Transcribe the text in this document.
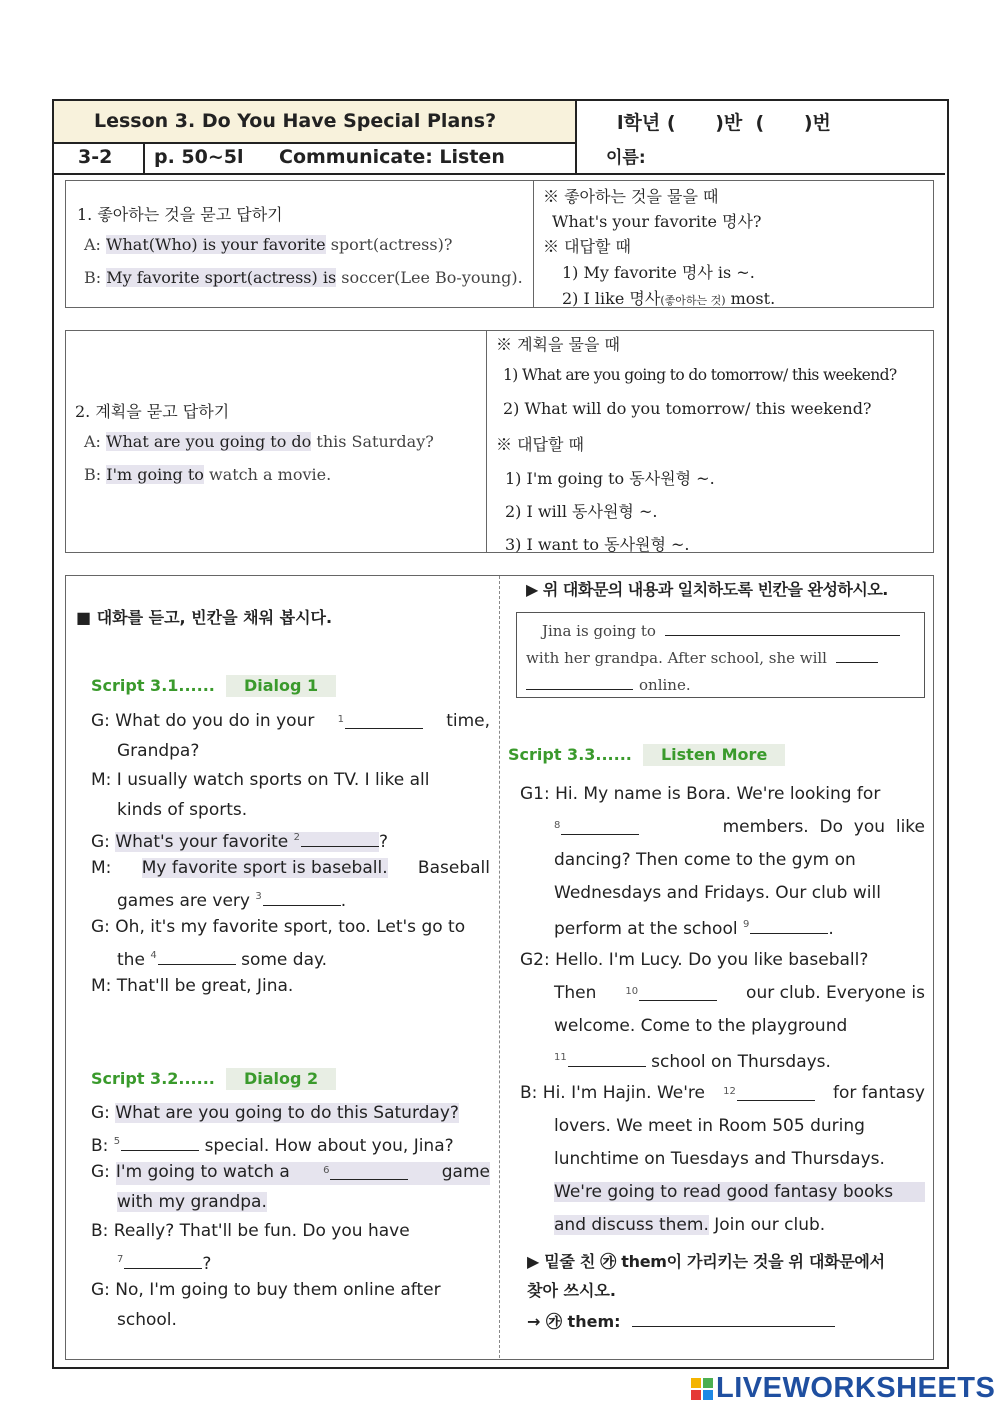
Lesson 3. Do You Have Special Plans?	l학년 (      )반  (      )번
3-2 p. 50~5l Communicate: Listen	이름:
1. 좋아하는 것을 묻고 답하기
A: What(Who) is your favorite sport(actress)?
B: My favorite sport(actress) is soccer(Lee Bo-young).
※ 좋아하는 것을 물을 때
What's your favorite 명사?
※ 대답할 때
1) My favorite 명사 is ~.
2) I like 명사(좋아하는 것) most.
2. 계획을 묻고 답하기
A: What are you going to do this Saturday?
B: I'm going to watch a movie.
※ 계획을 물을 때
1) What are you going to do tomorrow/ this weekend?
2) What will do you tomorrow/ this weekend?
※ 대답할 때
1) I'm going to 동사원형 ~.
2) I will 동사원형 ~.
3) I want to 동사원형 ~.
■ 대화를 듣고, 빈칸을 채워 봅시다.
Script 3.1...... Dialog 1
G: What do you do in your $^1$	time,
Grandpa?
M: I usually watch sports on TV. I like all
kinds of sports.
G: What's your favorite $^2$	?
M: My favorite sport is baseball. Baseball
games are very $^3$	.
G: Oh, it's my favorite sport, too. Let's go to
the $^4$	some day.
M: That'll be great, Jina.
Script 3.2...... Dialog 2
G: What are you going to do this Saturday?
B: $^5$	special. How about you, Jina?
G: I'm going to watch a	$^6$	game
with my grandpa.
B: Really? That'll be fun. Do you have
$^7$	?
G: No, I'm going to buy them online after
school.
▶ 위 대화문의 내용과 일치하도록 빈칸을 완성하시오.
Jina is going to
with her grandpa. After school, she will
online.
Script 3.3...... Listen More
G1: Hi. My name is Bora. We're looking for
$^8$	members.  Do  you  like
dancing? Then come to the gym on
Wednesdays and Fridays. Our club will
perform at the school $^9$	.
G2: Hello. I'm Lucy. Do you like baseball?
Then	$^{10}$	our club. Everyone is
welcome. Come to the playground
$^{11}$	school on Thursdays.
B: Hi. I'm Hajin. We're $^{12}$	for fantasy
lovers. We meet in Room 505 during
lunchtime on Tuesdays and Thursdays.
We're going to read good fantasy books
and discuss them. Join our club.
▶ 밑줄 친 ㉮ them이 가리키는 것을 위 대화문에서
찾아 쓰시오.
→ ㉮ them:
LIVEWORKSHEETS
